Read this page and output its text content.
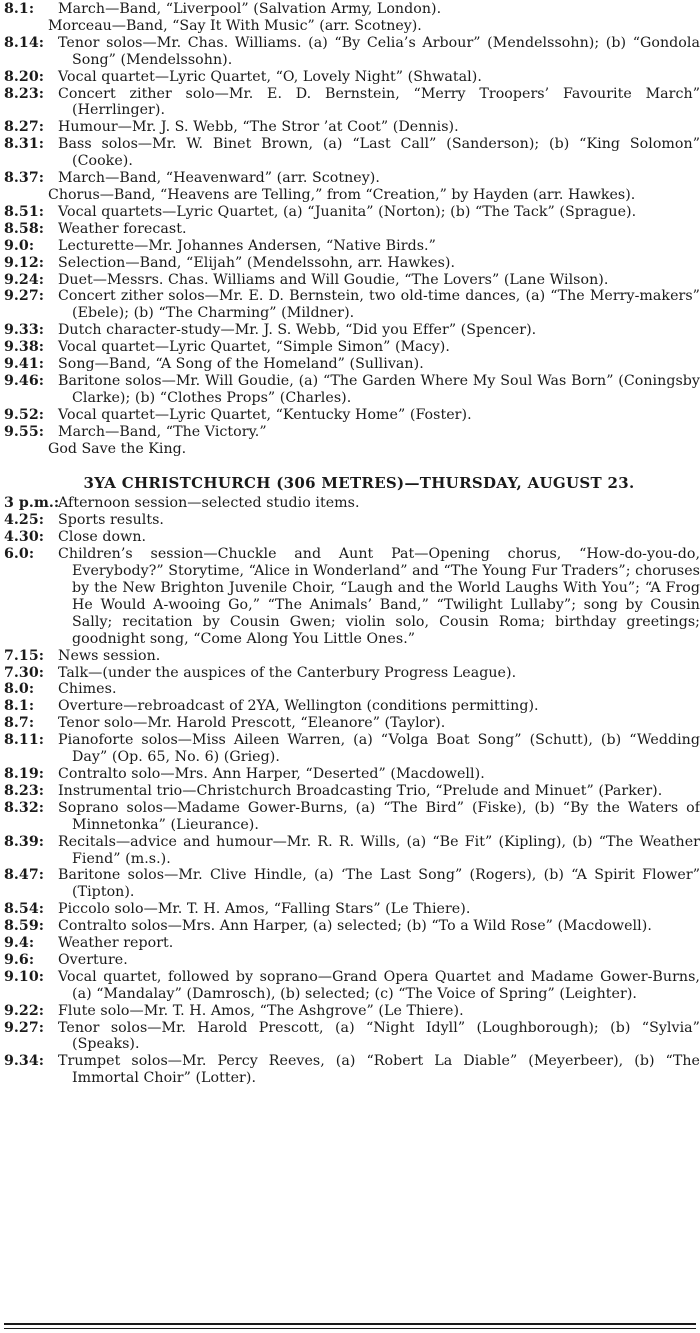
8.1: March—Band, “Liverpool” (Salvation Army, London).
Morceau—Band, “Say It With Music” (arr. Scotney).
8.14: Tenor solos—Mr. Chas. Williams. (a) “By Celia’s Arbour” (Mendelssohn); (b) “Gondola Song” (Mendelssohn).
8.20: Vocal quartet—Lyric Quartet, “O, Lovely Night” (Shwatal).
8.23: Concert zither solo—Mr. E. D. Bernstein, “Merry Troopers’ Favourite March” (Herrlinger).
8.27: Humour—Mr. J. S. Webb, “The Stror ’at Coot” (Dennis).
8.31: Bass solos—Mr. W. Binet Brown, (a) “Last Call” (Sanderson); (b) “King Solomon” (Cooke).
8.37: March—Band, “Heavenward” (arr. Scotney).
Chorus—Band, “Heavens are Telling,” from “Creation,” by Hayden (arr. Hawkes).
8.51: Vocal quartets—Lyric Quartet, (a) “Juanita” (Norton); (b) “The Tack” (Sprague).
8.58: Weather forecast.
9.0: Lecturette—Mr. Johannes Andersen, “Native Birds.”
9.12: Selection—Band, “Elijah” (Mendelssohn, arr. Hawkes).
9.24: Duet—Messrs. Chas. Williams and Will Goudie, “The Lovers” (Lane Wilson).
9.27: Concert zither solos—Mr. E. D. Bernstein, two old-time dances, (a) “The Merry-makers” (Ebele); (b) “The Charming” (Mildner).
9.33: Dutch character-study—Mr. J. S. Webb, “Did you Effer” (Spencer).
9.38: Vocal quartet—Lyric Quartet, “Simple Simon” (Macy).
9.41: Song—Band, “A Song of the Homeland” (Sullivan).
9.46: Baritone solos—Mr. Will Goudie, (a) “The Garden Where My Soul Was Born” (Coningsby Clarke); (b) “Clothes Props” (Charles).
9.52: Vocal quartet—Lyric Quartet, “Kentucky Home” (Foster).
9.55: March—Band, “The Victory.”
God Save the King.
3YA CHRISTCHURCH (306 METRES)—THURSDAY, AUGUST 23.
3 p.m.:
Afternoon session—selected studio items.
4.25: Sports results.
4.30: Close down.
6.0: Children’s session—Chuckle and Aunt Pat—Opening chorus, “How-do-you-do, Everybody?” Storytime, “Alice in Wonderland” and “The Young Fur Traders”; choruses by the New Brighton Juvenile Choir, “Laugh and the World Laughs With You”; “A Frog He Would A-wooing Go,” “The Animals’ Band,” “Twilight Lullaby”; song by Cousin Sally; recitation by Cousin Gwen; violin solo, Cousin Roma; birthday greetings; goodnight song, “Come Along You Little Ones.”
7.15: News session.
7.30: Talk—(under the auspices of the Canterbury Progress League).
8.0: Chimes.
8.1: Overture—rebroadcast of 2YA, Wellington (conditions permitting).
8.7: Tenor solo—Mr. Harold Prescott, “Eleanore” (Taylor).
8.11: Pianoforte solos—Miss Aileen Warren, (a) “Volga Boat Song” (Schutt), (b) “Wedding Day” (Op. 65, No. 6) (Grieg).
8.19: Contralto solo—Mrs. Ann Harper, “Deserted” (Macdowell).
8.23: Instrumental trio—Christchurch Broadcasting Trio, “Prelude and Minuet” (Parker).
8.32: Soprano solos—Madame Gower-Burns, (a) “The Bird” (Fiske), (b) “By the Waters of Minnetonka” (Lieurance).
8.39: Recitals—advice and humour—Mr. R. R. Wills, (a) “Be Fit” (Kipling), (b) “The Weather Fiend” (m.s.).
8.47: Baritone solos—Mr. Clive Hindle, (a) ‘The Last Song” (Rogers), (b) “A Spirit Flower” (Tipton).
8.54: Piccolo solo—Mr. T. H. Amos, “Falling Stars” (Le Thiere).
8.59: Contralto solos—Mrs. Ann Harper, (a) selected; (b) “To a Wild Rose” (Macdowell).
9.4: Weather report.
9.6: Overture.
9.10: Vocal quartet, followed by soprano—Grand Opera Quartet and Madame Gower-Burns, (a) “Mandalay” (Damrosch), (b) selected; (c) “The Voice of Spring” (Leighter).
9.22: Flute solo—Mr. T. H. Amos, “The Ashgrove” (Le Thiere).
9.27: Tenor solos—Mr. Harold Prescott, (a) “Night Idyll” (Loughborough); (b) “Sylvia” (Speaks).
9.34: Trumpet solos—Mr. Percy Reeves, (a) “Robert La Diable” (Meyerbeer), (b) “The Immortal Choir” (Lotter).
